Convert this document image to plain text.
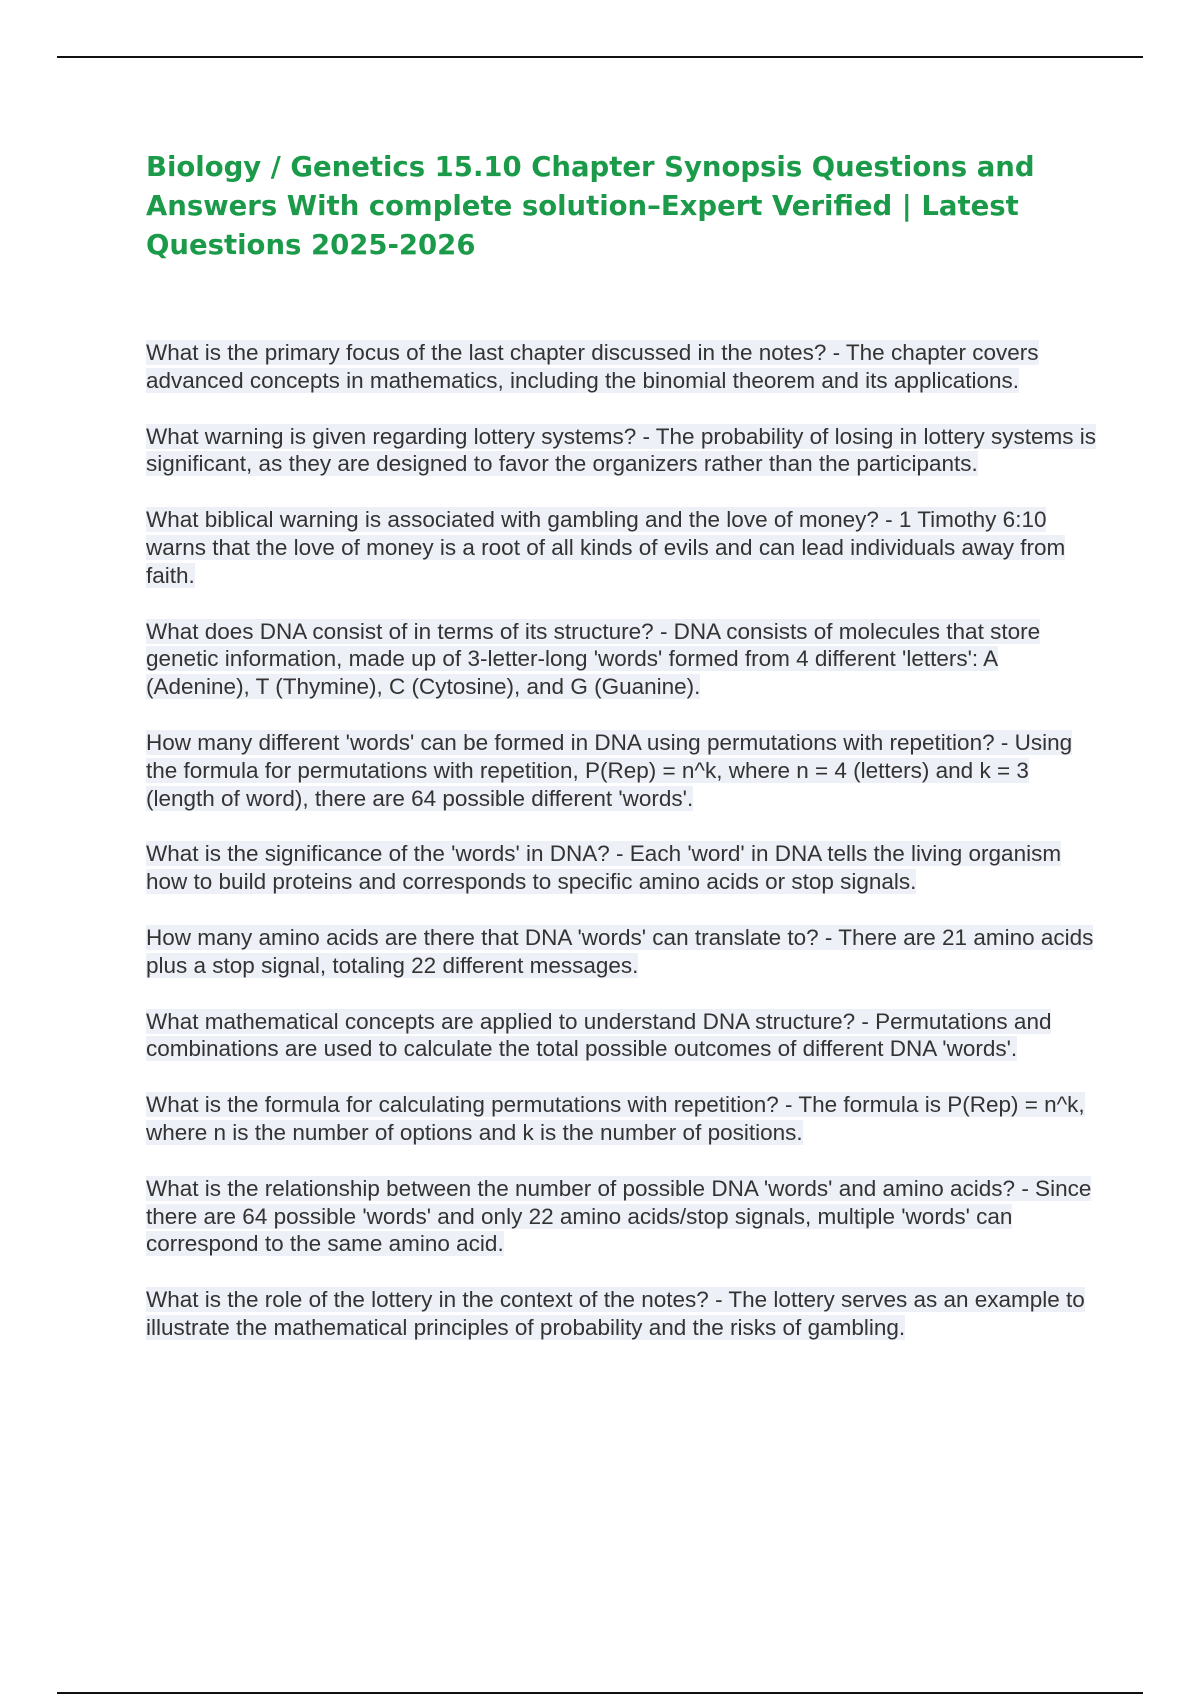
Biology / Genetics 15.10 Chapter Synopsis Questions and Answers With complete solution–Expert Verified | Latest Questions 2025-2026
What is the primary focus of the last chapter discussed in the notes? - The chapter covers advanced concepts in mathematics, including the binomial theorem and its applications.
What warning is given regarding lottery systems? - The probability of losing in lottery systems is significant, as they are designed to favor the organizers rather than the participants.
What biblical warning is associated with gambling and the love of money? - 1 Timothy 6:10 warns that the love of money is a root of all kinds of evils and can lead individuals away from faith.
What does DNA consist of in terms of its structure? - DNA consists of molecules that store genetic information, made up of 3-letter-long 'words' formed from 4 different 'letters': A (Adenine), T (Thymine), C (Cytosine), and G (Guanine).
How many different 'words' can be formed in DNA using permutations with repetition? - Using the formula for permutations with repetition, P(Rep) = n^k, where n = 4 (letters) and k = 3 (length of word), there are 64 possible different 'words'.
What is the significance of the 'words' in DNA? - Each 'word' in DNA tells the living organism how to build proteins and corresponds to specific amino acids or stop signals.
How many amino acids are there that DNA 'words' can translate to? - There are 21 amino acids plus a stop signal, totaling 22 different messages.
What mathematical concepts are applied to understand DNA structure? - Permutations and combinations are used to calculate the total possible outcomes of different DNA 'words'.
What is the formula for calculating permutations with repetition? - The formula is P(Rep) = n^k, where n is the number of options and k is the number of positions.
What is the relationship between the number of possible DNA 'words' and amino acids? - Since there are 64 possible 'words' and only 22 amino acids/stop signals, multiple 'words' can correspond to the same amino acid.
What is the role of the lottery in the context of the notes? - The lottery serves as an example to illustrate the mathematical principles of probability and the risks of gambling.
